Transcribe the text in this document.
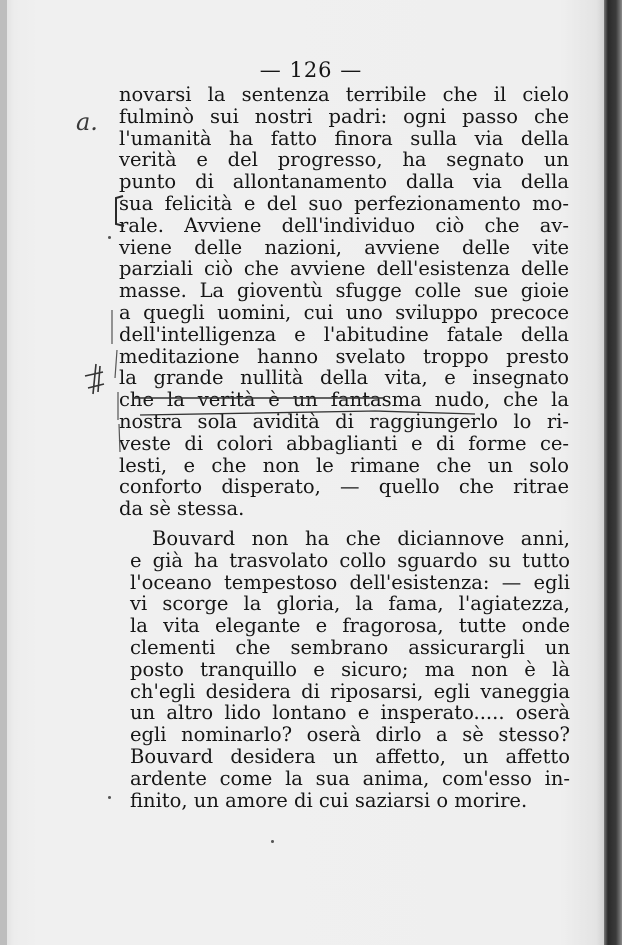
— 126 —
a.
novarsi la sentenza terribile che il cielo
fulminò sui nostri padri: ogni passo che
l'umanità ha fatto finora sulla via della
verità e del progresso, ha segnato un
punto di allontanamento dalla via della
sua felicità e del suo perfezionamento mo-
rale. Avviene dell'individuo ciò che av-
viene delle nazioni, avviene delle vite
parziali ciò che avviene dell'esistenza delle
masse. La gioventù sfugge colle sue gioie
a quegli uomini, cui uno sviluppo precoce
dell'intelligenza e l'abitudine fatale della
meditazione hanno svelato troppo presto
la grande nullità della vita, e insegnato
che la verità è un fantasma nudo, che la
nostra sola avidità di raggiungerlo lo ri-
veste di colori abbaglianti e di forme ce-
lesti, e che non le rimane che un solo
conforto disperato, — quello che ritrae
da sè stessa.
Bouvard non ha che diciannove anni,
e già ha trasvolato collo sguardo su tutto
l'oceano tempestoso dell'esistenza: — egli
vi scorge la gloria, la fama, l'agiatezza,
la vita elegante e fragorosa, tutte onde
clementi che sembrano assicurargli un
posto tranquillo e sicuro; ma non è là
ch'egli desidera di riposarsi, egli vaneggia
un altro lido lontano e insperato..... oserà
egli nominarlo? oserà dirlo a sè stesso?
Bouvard desidera un affetto, un affetto
ardente come la sua anima, com'esso in-
finito, un amore di cui saziarsi o morire.
